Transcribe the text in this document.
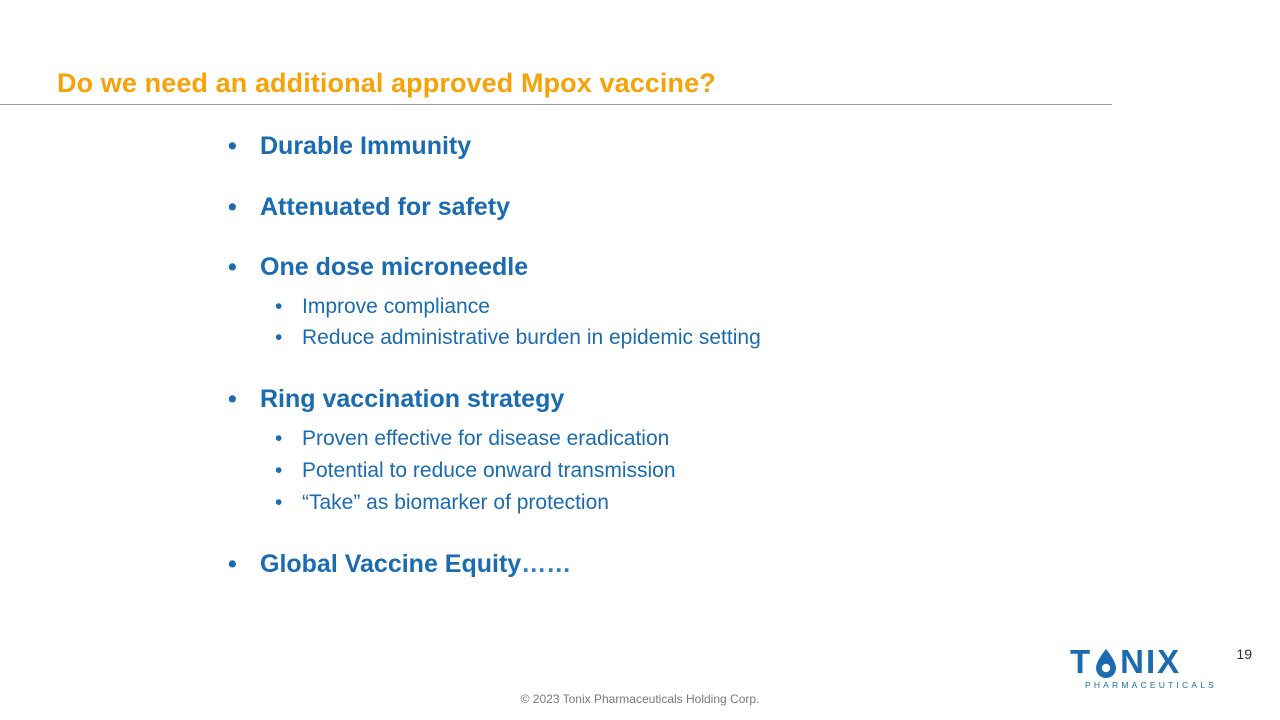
Do we need an additional approved Mpox vaccine?
• Durable Immunity
• Attenuated for safety
• One dose microneedle
• Improve compliance
• Reduce administrative burden in epidemic setting
• Ring vaccination strategy
• Proven effective for disease eradication
• Potential to reduce onward transmission
• “Take” as biomarker of protection
• Global Vaccine Equity……
19
© 2023 Tonix Pharmaceuticals Holding Corp.
T NIX
PHARMACEUTICALS
